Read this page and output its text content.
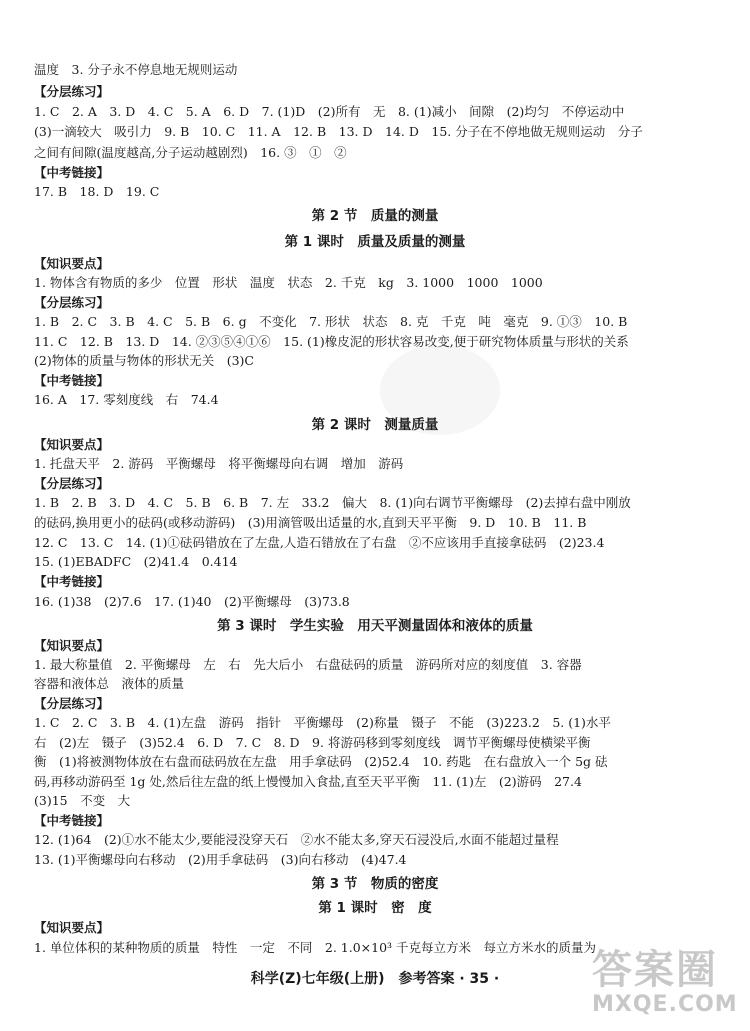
温度　3. 分子永不停息地无规则运动
【分层练习】
1. C　2. A　3. D　4. C　5. A　6. D　7. (1)D　(2)所有　无　8. (1)减小　间隙　(2)均匀　不停运动中
(3)一滴较大　吸引力　9. B　10. C　11. A　12. B　13. D　14. D　15. 分子在不停地做无规则运动　分子
之间有间隙(温度越高,分子运动越剧烈)　16. ③　①　②
【中考链接】
17. B　18. D　19. C
第 2 节　质量的测量
第 1 课时　质量及质量的测量
【知识要点】
1. 物体含有物质的多少　位置　形状　温度　状态　2. 千克　kg　3. 1000　1000　1000
【分层练习】
1. B　2. C　3. B　4. C　5. B　6. g　不变化　7. 形状　状态　8. 克　千克　吨　毫克　9. ①③　10. B
11. C　12. B　13. D　14. ②③⑤④①⑥　15. (1)橡皮泥的形状容易改变,便于研究物体质量与形状的关系
(2)物体的质量与物体的形状无关　(3)C
【中考链接】
16. A　17. 零刻度线　右　74.4
第 2 课时　测量质量
【知识要点】
1. 托盘天平　2. 游码　平衡螺母　将平衡螺母向右调　增加　游码
【分层练习】
1. B　2. B　3. D　4. C　5. B　6. B　7. 左　33.2　偏大　8. (1)向右调节平衡螺母　(2)去掉右盘中刚放
的砝码,换用更小的砝码(或移动游码)　(3)用滴管吸出适量的水,直到天平平衡　9. D　10. B　11. B
12. C　13. C　14. (1)①砝码错放在了左盘,人造石错放在了右盘　②不应该用手直接拿砝码　(2)23.4
15. (1)EBADFC　(2)41.4　0.414
【中考链接】
16. (1)38　(2)7.6　17. (1)40　(2)平衡螺母　(3)73.8
第 3 课时　学生实验　用天平测量固体和液体的质量
【知识要点】
1. 最大称量值　2. 平衡螺母　左　右　先大后小　右盘砝码的质量　游码所对应的刻度值　3. 容器
容器和液体总　液体的质量
【分层练习】
1. C　2. C　3. B　4. (1)左盘　游码　指针　平衡螺母　(2)称量　镊子　不能　(3)223.2　5. (1)水平
右　(2)左　镊子　(3)52.4　6. D　7. C　8. D　9. 将游码移到零刻度线　调节平衡螺母使横梁平衡
衡　(1)将被测物体放在右盘而砝码放在左盘　用手拿砝码　(2)52.4　10. 药匙　在右盘放入一个 5g 砝
码,再移动游码至 1g 处,然后往左盘的纸上慢慢加入食盐,直至天平平衡　11. (1)左　(2)游码　27.4
(3)15　不变　大
【中考链接】
12. (1)64　(2)①水不能太少,要能浸没穿天石　②水不能太多,穿天石浸没后,水面不能超过量程
13. (1)平衡螺母向右移动　(2)用手拿砝码　(3)向右移动　(4)47.4
第 3 节　物质的密度
第 1 课时　密　度
【知识要点】
1. 单位体积的某种物质的质量　特性　一定　不同　2. 1.0×10³ 千克每立方米　每立方米水的质量为
科学(Z)七年级(上册)　参考答案 · 35 ·	答案圈
MXQE.COM
